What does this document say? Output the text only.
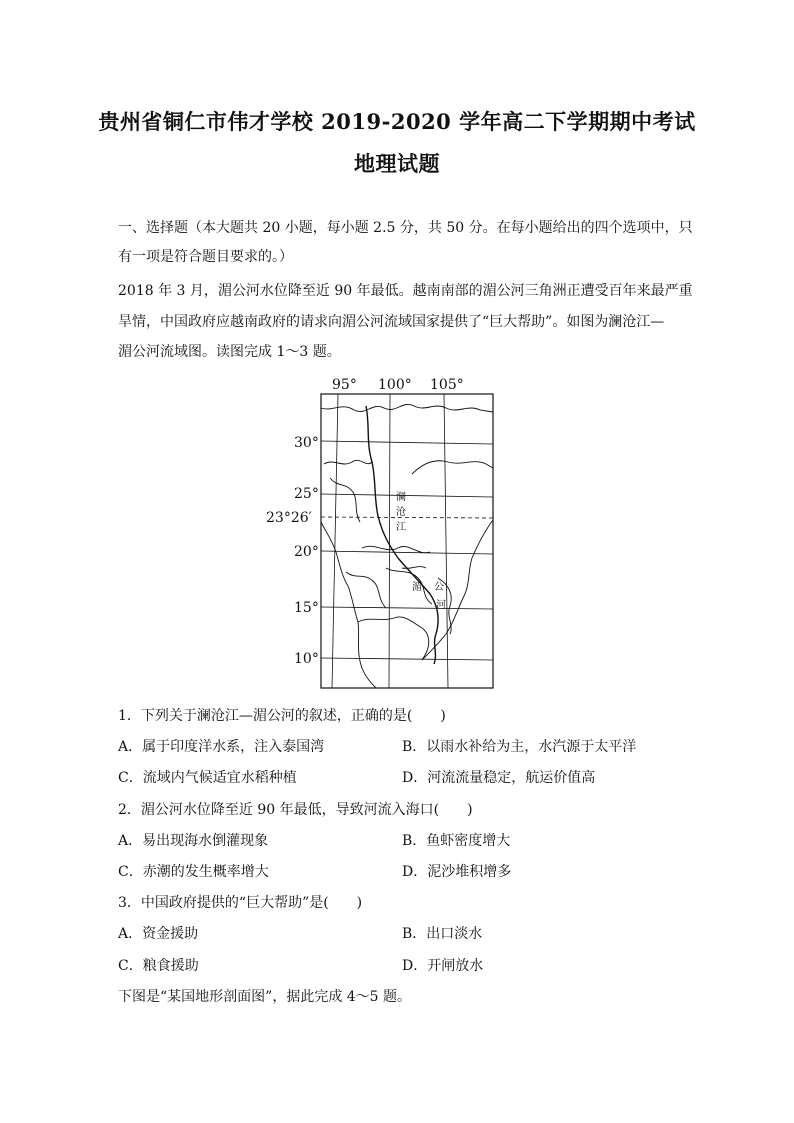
贵州省铜仁市伟才学校 2019-2020 学年高二下学期期中考试
地理试题
一、选择题（本大题共 20 小题，每小题 2.5 分，共 50 分。在每小题给出的四个选项中，只
有一项是符合题目要求的。）
2018 年 3 月，湄公河水位降至近 90 年最低。越南南部的湄公河三角洲正遭受百年来最严重
旱情，中国政府应越南政府的请求向湄公河流域国家提供了“巨大帮助”。如图为澜沧江—
湄公河流域图。读图完成 1～3 题。
95° 100° 105°
30°
25°
23°26′
20°
15°
10°
澜
沧
江
湄 公
河
1．下列关于澜沧江—湄公河的叙述，正确的是(　　)
A．属于印度洋水系，注入泰国湾	B．以雨水补给为主，水汽源于太平洋
C．流域内气候适宜水稻种植	D．河流流量稳定，航运价值高
2．湄公河水位降至近 90 年最低，导致河流入海口(　　)
A．易出现海水倒灌现象	B．鱼虾密度增大
C．赤潮的发生概率增大	D．泥沙堆积增多
3．中国政府提供的“巨大帮助”是(　　)
A．资金援助	B．出口淡水
C．粮食援助	D．开闸放水
下图是“某国地形剖面图”，据此完成 4～5 题。
